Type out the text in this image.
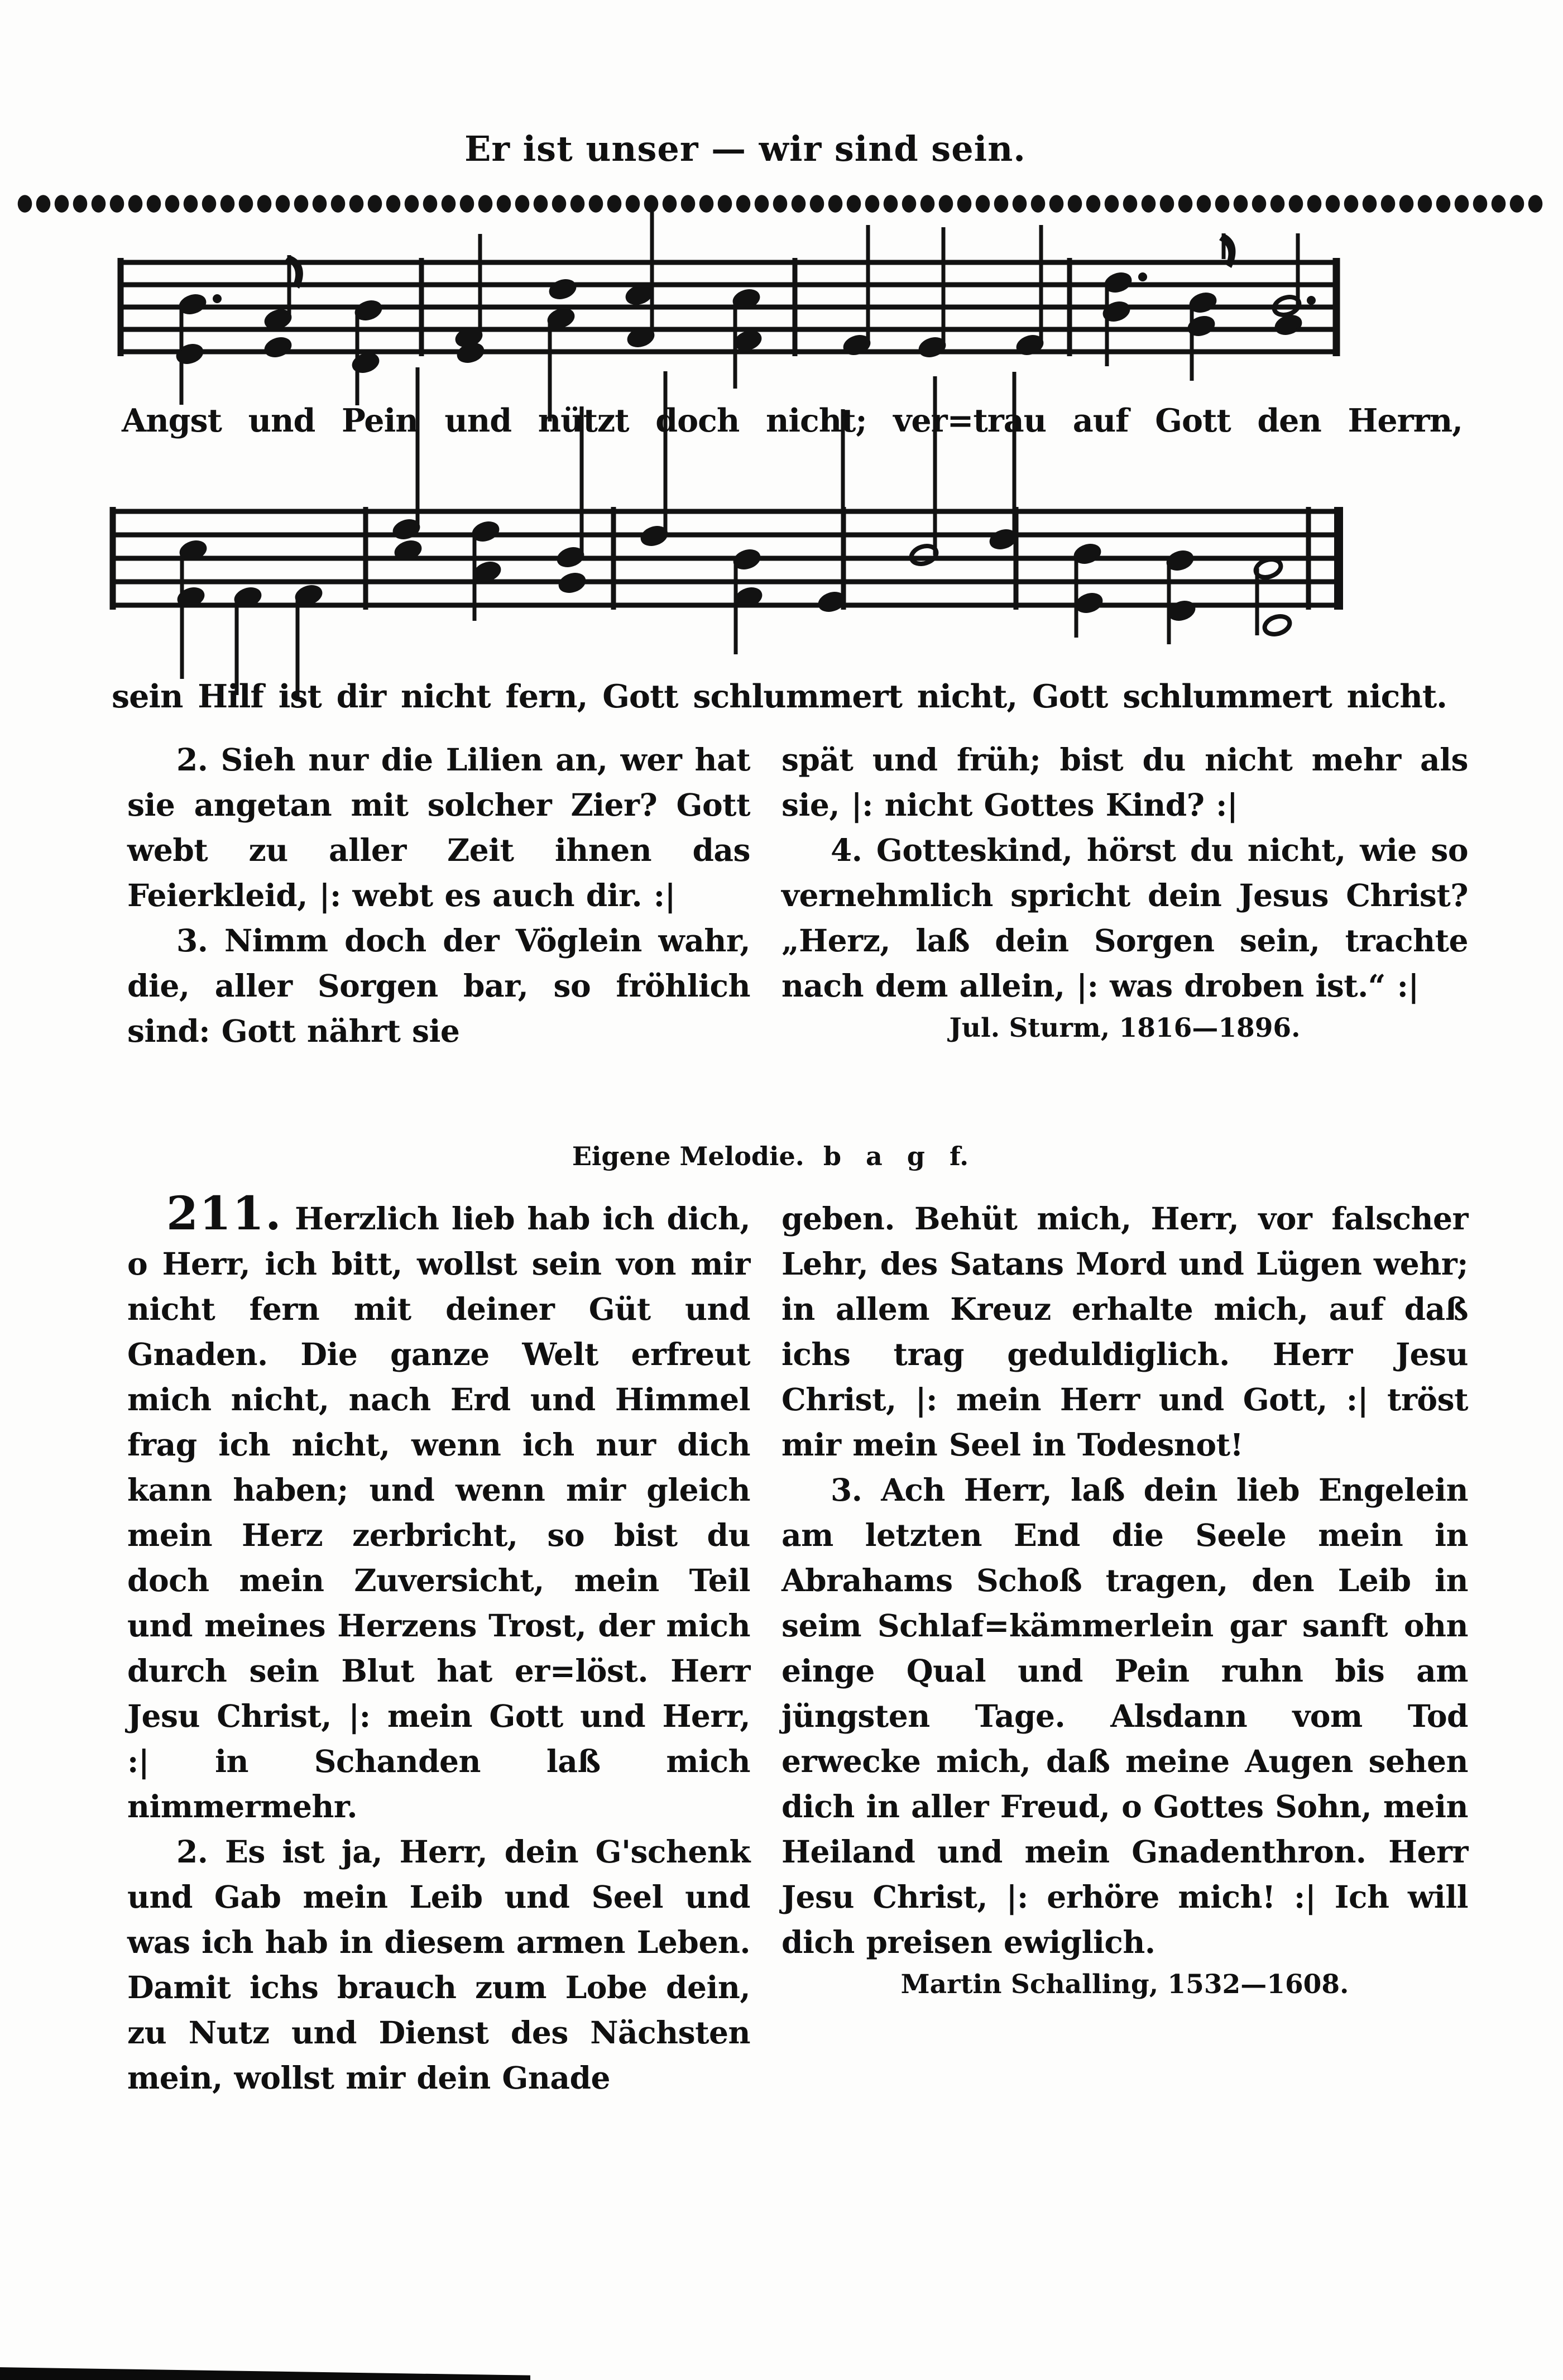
Er ist unser — wir sind sein.
Angst und Pein und nützt doch nicht; ver=trau auf Gott den Herrn,
sein Hilf ist dir nicht fern, Gott schlummert nicht, Gott schlummert nicht.

2. Sieh nur die Lilien an, wer hat sie angetan mit solcher Zier? Gott webt zu aller Zeit ihnen das Feierkleid, |: webt es auch dir. :|

3. Nimm doch der Vöglein wahr, die, aller Sorgen bar, so fröhlich sind: Gott nährt sie

spät und früh; bist du nicht mehr als sie, |: nicht Gottes Kind? :|

4. Gotteskind, hörst du nicht, wie so vernehmlich spricht dein Jesus Christ? „Herz, laß dein Sorgen sein, trachte nach dem allein, |: was droben ist.“ :|

Jul. Sturm, 1816—1896.

Eigene Melodie. b a g f.

211. Herzlich lieb hab ich dich, o Herr, ich bitt, wollst sein von mir nicht fern mit deiner Güt und Gnaden. Die ganze Welt erfreut mich nicht, nach Erd und Himmel frag ich nicht, wenn ich nur dich kann haben; und wenn mir gleich mein Herz zerbricht, so bist du doch mein Zuversicht, mein Teil und meines Herzens Trost, der mich durch sein Blut hat er=löst. Herr Jesu Christ, |: mein Gott und Herr, :| in Schanden laß mich nimmermehr.

2. Es ist ja, Herr, dein G'schenk und Gab mein Leib und Seel und was ich hab in diesem armen Leben. Damit ichs brauch zum Lobe dein, zu Nutz und Dienst des Nächsten mein, wollst mir dein Gnade

geben. Behüt mich, Herr, vor falscher Lehr, des Satans Mord und Lügen wehr; in allem Kreuz erhalte mich, auf daß ichs trag geduldiglich. Herr Jesu Christ, |: mein Herr und Gott, :| tröst mir mein Seel in Todesnot!

3. Ach Herr, laß dein lieb Engelein am letzten End die Seele mein in Abrahams Schoß tragen, den Leib in seim Schlaf=kämmerlein gar sanft ohn einge Qual und Pein ruhn bis am jüngsten Tage. Alsdann vom Tod erwecke mich, daß meine Augen sehen dich in aller Freud, o Gottes Sohn, mein Heiland und mein Gnadenthron. Herr Jesu Christ, |: erhöre mich! :| Ich will dich preisen ewiglich.

Martin Schalling, 1532—1608.
